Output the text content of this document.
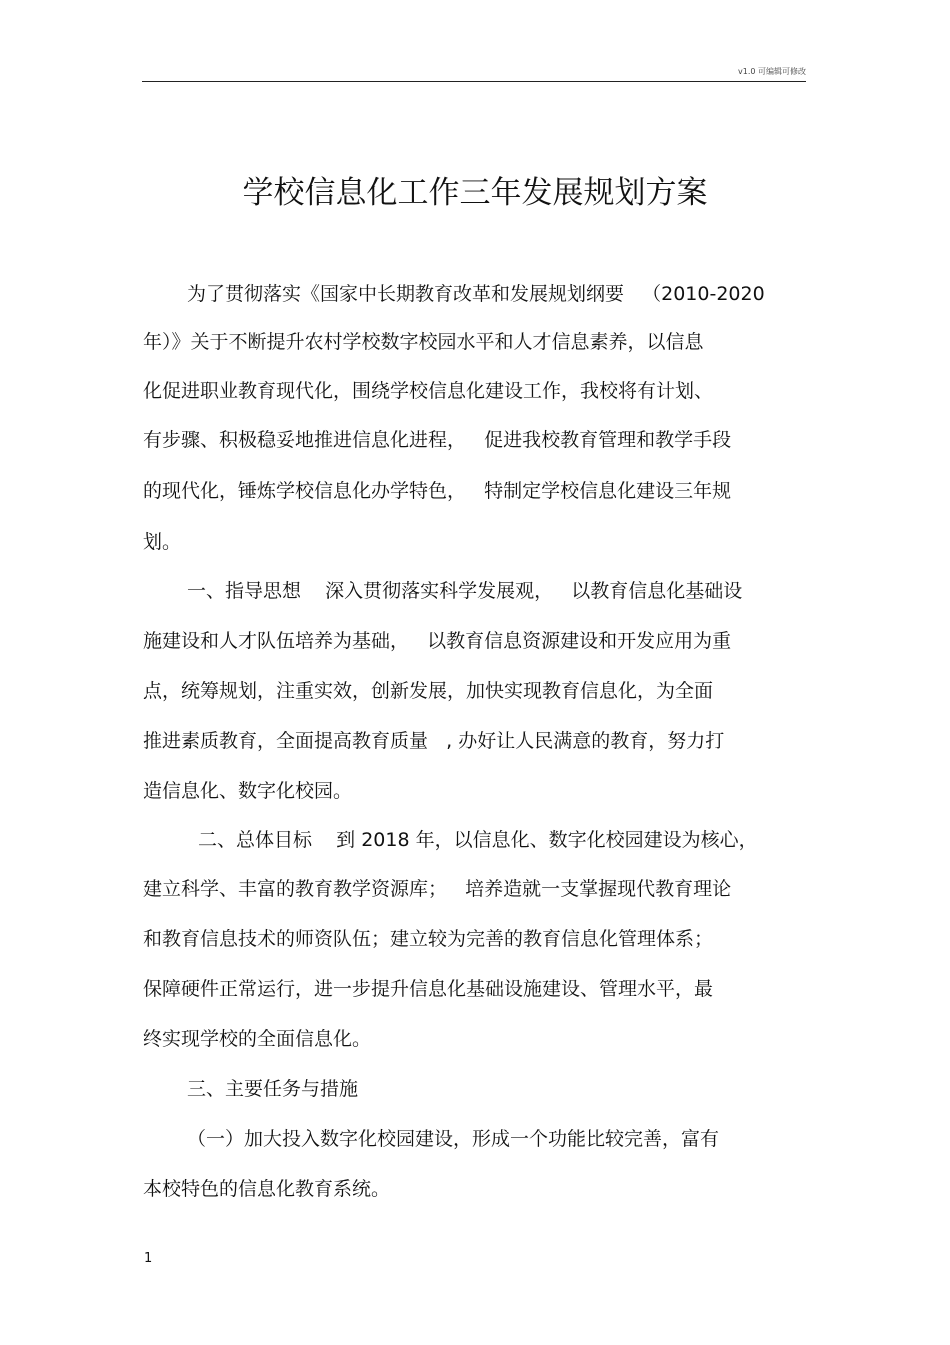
v1.0 可编辑可修改
学校信息化工作三年发展规划方案
为了贯彻落实《国家中长期教育改革和发展规划纲要   （2010-2020
年）》关于不断提升农村学校数字校园水平和人才信息素养，以信息
化促进职业教育现代化，围绕学校信息化建设工作，我校将有计划、
有步骤、积极稳妥地推进信息化进程，   促进我校教育管理和教学手段
的现代化，锤炼学校信息化办学特色，   特制定学校信息化建设三年规
划。
一、指导思想    深入贯彻落实科学发展观，   以教育信息化基础设
施建设和人才队伍培养为基础，   以教育信息资源建设和开发应用为重
点，统筹规划，注重实效，创新发展，加快实现教育信息化，为全面
推进素质教育，全面提高教育质量   , 办好让人民满意的教育，努力打
造信息化、数字化校园。
二、总体目标    到 2018 年，以信息化、数字化校园建设为核心，
建立科学、丰富的教育教学资源库；   培养造就一支掌握现代教育理论
和教育信息技术的师资队伍；建立较为完善的教育信息化管理体系；
保障硬件正常运行，进一步提升信息化基础设施建设、管理水平，最
终实现学校的全面信息化。
三、主要任务与措施
（一）加大投入数字化校园建设，形成一个功能比较完善，富有
本校特色的信息化教育系统。
1
